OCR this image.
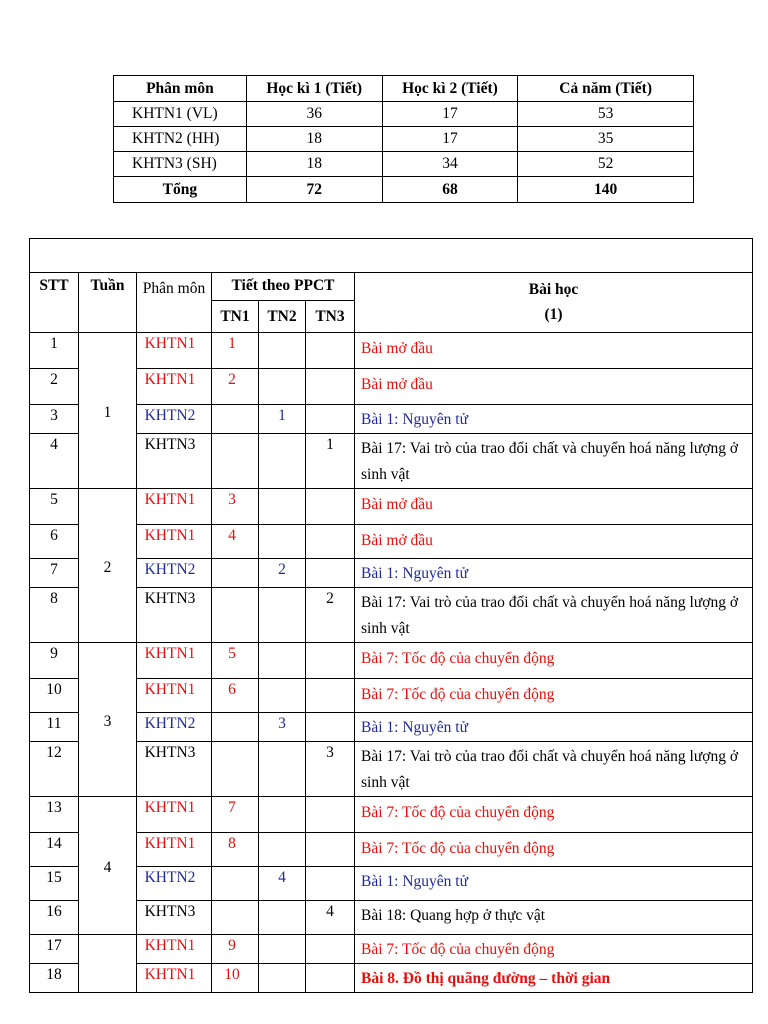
Phân môn	Học kì 1 (Tiết)	Học kì 2 (Tiết)	Cả năm (Tiết)
KHTN1 (VL)	36	17	53
KHTN2 (HH)	18	17	35
KHTN3 (SH)	18	34	52
Tổng	72	68	140

STT	Tuần	Phân môn	Tiết theo PPCT			Bài học
(1)

			TN1	TN2	TN3	
1	1	KHTN1	1			Bài mở đầu
2		KHTN1	2			Bài mở đầu
3		KHTN2		1		Bài 1: Nguyên tử
4		KHTN3			1	Bài 17: Vai trò của trao đổi chất và chuyển hoá năng lượng ở sinh vật
5	2	KHTN1	3			Bài mở đầu
6		KHTN1	4			Bài mở đầu
7		KHTN2		2		Bài 1: Nguyên tử
8		KHTN3			2	Bài 17: Vai trò của trao đổi chất và chuyển hoá năng lượng ở sinh vật
9	3	KHTN1	5			Bài 7: Tốc độ của chuyển động
10		KHTN1	6			Bài 7: Tốc độ của chuyển động
11		KHTN2		3		Bài 1: Nguyên tử
12		KHTN3			3	Bài 17: Vai trò của trao đổi chất và chuyển hoá năng lượng ở sinh vật
13	4	KHTN1	7			Bài 7: Tốc độ của chuyển động
14		KHTN1	8			Bài 7: Tốc độ của chuyển động
15		KHTN2		4		Bài 1: Nguyên tử
16		KHTN3			4	Bài 18: Quang hợp ở thực vật
17		KHTN1	9			Bài 7: Tốc độ của chuyển động
18		KHTN1	10			Bài 8. Đồ thị quãng đường – thời gian
